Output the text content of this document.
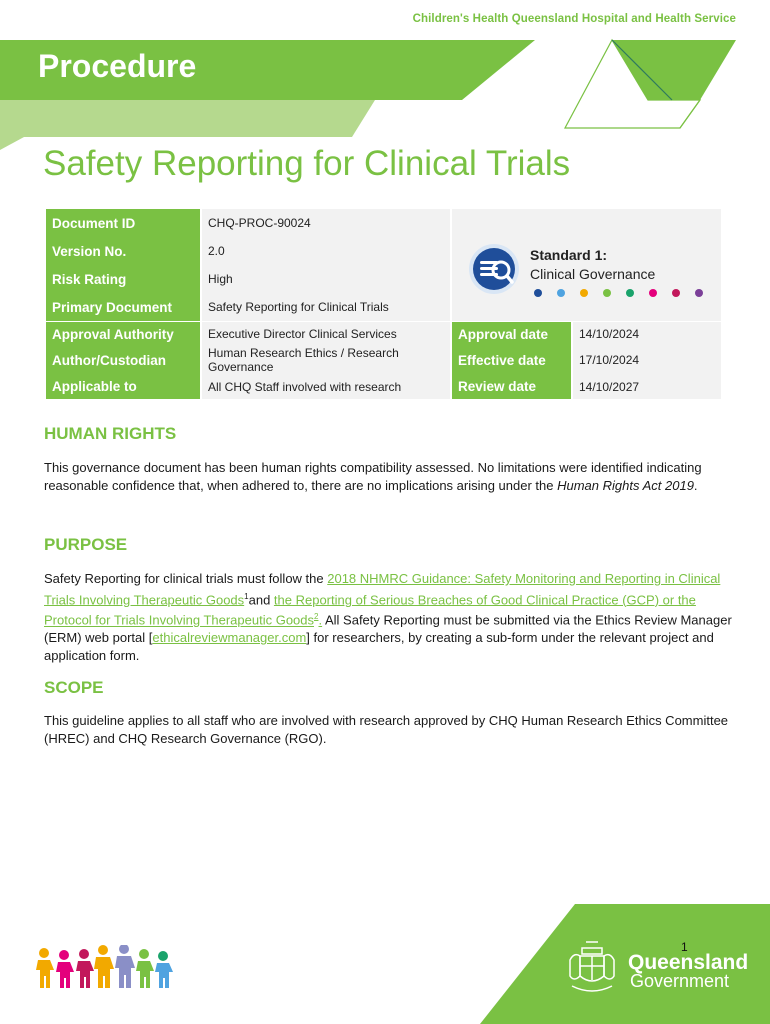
Children's Health Queensland Hospital and Health Service
Procedure
Safety Reporting for Clinical Trials
Document ID	CHQ-PROC-90024	Standard 1:
Clinical Governance	

Version No.	2.0		
Risk Rating	High		
Primary Document	Safety Reporting for Clinical Trials		

Approval Authority	Executive Director Clinical Services	Approval date	14/10/2024
Author/Custodian	Human Research Ethics / Research Governance	Effective date	17/10/2024
Applicable to	All CHQ Staff involved with research	Review date	14/10/2027
HUMAN RIGHTS

This governance document has been human rights compatibility assessed. No limitations were identified indicating reasonable confidence that, when adhered to, there are no implications arising under the Human Rights Act 2019.

PURPOSE

Safety Reporting for clinical trials must follow the 2018 NHMRC Guidance: Safety Monitoring and Reporting in Clinical Trials Involving Therapeutic Goods$^1$and the Reporting of Serious Breaches of Good Clinical Practice (GCP) or the Protocol for Trials Involving Therapeutic Goods$^2$. All Safety Reporting must be submitted via the Ethics Review Manager (ERM) web portal [ethicalreviewmanager.com] for researchers, by creating a sub-form under the relevant project and application form.

SCOPE

This guideline applies to all staff who are involved with research approved by CHQ Human Research Ethics Committee (HREC) and CHQ Research Governance (RGO).

1
Queensland
Government
